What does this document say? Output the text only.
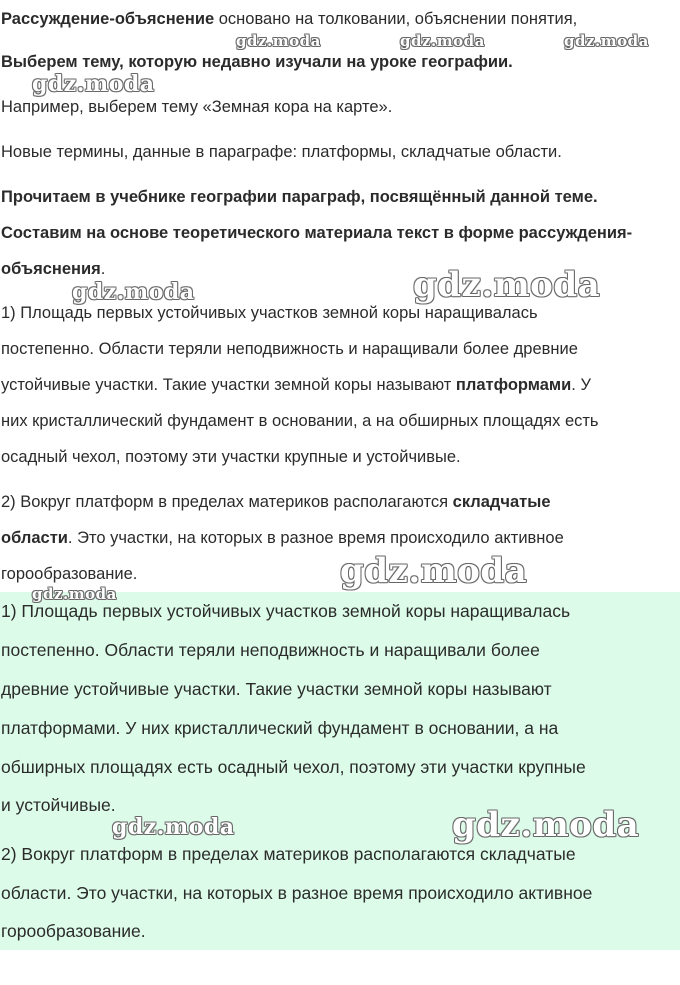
Рассуждение-объяснение основано на толковании, объяснении понятия,

Выберем тему, которую недавно изучали на уроке географии.

Например, выберем тему «Земная кора на карте».

Новые термины, данные в параграфе: платформы, складчатые области.

Прочитаем в учебнике географии параграф, посвящённый данной теме.

Составим на основе теоретического материала текст в форме рассуждения-

объяснения.

1) Площадь первых устойчивых участков земной коры наращивалась

постепенно. Области теряли неподвижность и наращивали более древние

устойчивые участки. Такие участки земной коры называют платформами. У

них кристаллический фундамент в основании, а на обширных площадях есть

осадный чехол, поэтому эти участки крупные и устойчивые.

2) Вокруг платформ в пределах материков располагаются складчатые

области. Это участки, на которых в разное время происходило активное

горообразование.

1) Площадь первых устойчивых участков земной коры наращивалась

постепенно. Области теряли неподвижность и наращивали более

древние устойчивые участки. Такие участки земной коры называют

платформами. У них кристаллический фундамент в основании, а на

обширных площадях есть осадный чехол, поэтому эти участки крупные

и устойчивые.

2) Вокруг платформ в пределах материков располагаются складчатые

области. Это участки, на которых в разное время происходило активное

горообразование.

gdz.moda	gdz.moda	gdz.moda
gdz.moda
gdz.moda	gdz.moda
gdz.moda
gdz.moda
gdz.moda	gdz.moda
